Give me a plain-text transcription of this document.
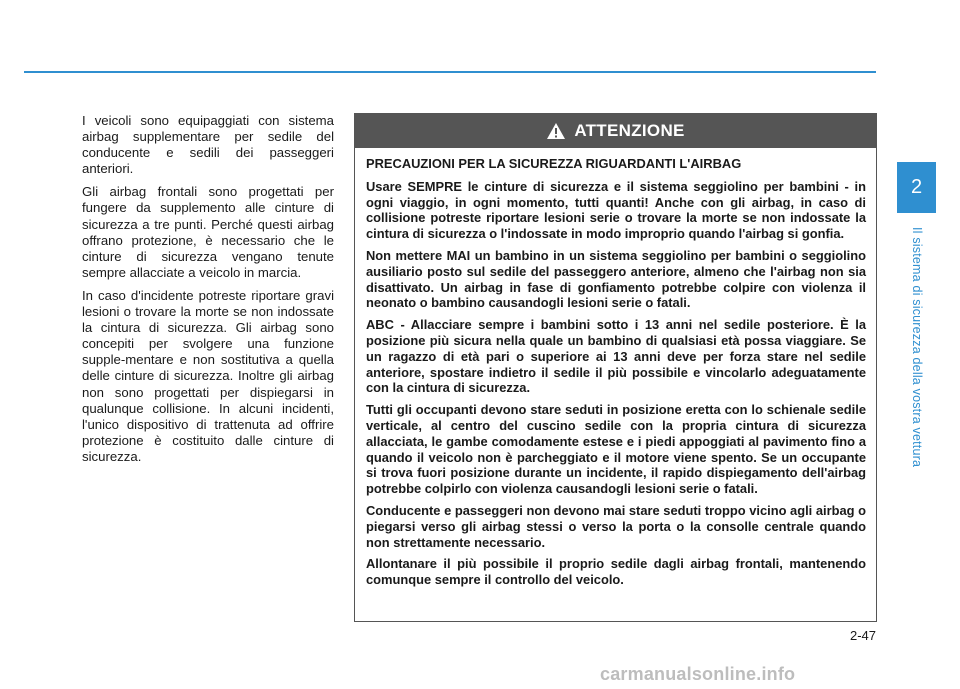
I veicoli sono equipaggiati con sistema airbag supplementare per sedile del conducente e sedili dei passeggeri anteriori.

Gli airbag frontali sono progettati per fungere da supplemento alle cinture di sicurezza a tre punti. Perché questi airbag offrano protezione, è necessario che le cinture di sicurezza vengano tenute sempre allacciate a veicolo in marcia.

In caso d'incidente potreste riportare gravi lesioni o trovare la morte se non indossate la cintura di sicurezza. Gli airbag sono concepiti per svolgere una funzione supple-mentare e non sostitutiva a quella delle cinture di sicurezza. Inoltre gli airbag non sono progettati per dispiegarsi in qualunque collisione. In alcuni incidenti, l'unico dispositivo di trattenuta ad offrire protezione è costituito dalle cinture di sicurezza.

ATTENZIONE
PRECAUZIONI PER LA SICUREZZA RIGUARDANTI L'AIRBAG

Usare SEMPRE le cinture di sicurezza e il sistema seggiolino per bambini - in ogni viaggio, in ogni momento, tutti quanti! Anche con gli airbag, in caso di collisione potreste riportare lesioni serie o trovare la morte se non indossate la cintura di sicurezza o l'indossate in modo improprio quando l'airbag si gonfia.

Non mettere MAI un bambino in un sistema seggiolino per bambini o seggiolino ausiliario posto sul sedile del passeggero anteriore, almeno che l'airbag non sia disattivato. Un airbag in fase di gonfiamento potrebbe colpire con violenza il neonato o bambino causandogli lesioni serie o fatali.

ABC - Allacciare sempre i bambini sotto i 13 anni nel sedile posteriore. È la posizione più sicura nella quale un bambino di qualsiasi età possa viaggiare. Se un ragazzo di età pari o superiore ai 13 anni deve per forza stare nel sedile anteriore, spostare indietro il sedile il più possibile e vincolarlo adeguatamente con la cintura di sicurezza.

Tutti gli occupanti devono stare seduti in posizione eretta con lo schienale sedile verticale, al centro del cuscino sedile con la propria cintura di sicurezza allacciata, le gambe comodamente estese e i piedi appoggiati al pavimento fino a quando il veicolo non è parcheggiato e il motore viene spento. Se un occupante si trova fuori posizione durante un incidente, il rapido dispiegamento dell'airbag potrebbe colpirlo con violenza causandogli lesioni serie o fatali.

Conducente e passeggeri non devono mai stare seduti troppo vicino agli airbag o piegarsi verso gli airbag stessi o verso la porta o la consolle centrale quando non strettamente necessario.

Allontanare il più possibile il proprio sedile dagli airbag frontali, mantenendo comunque sempre il controllo del veicolo.

2
Il sistema di sicurezza della vostra vettura
2-47
carmanualsonline.info
